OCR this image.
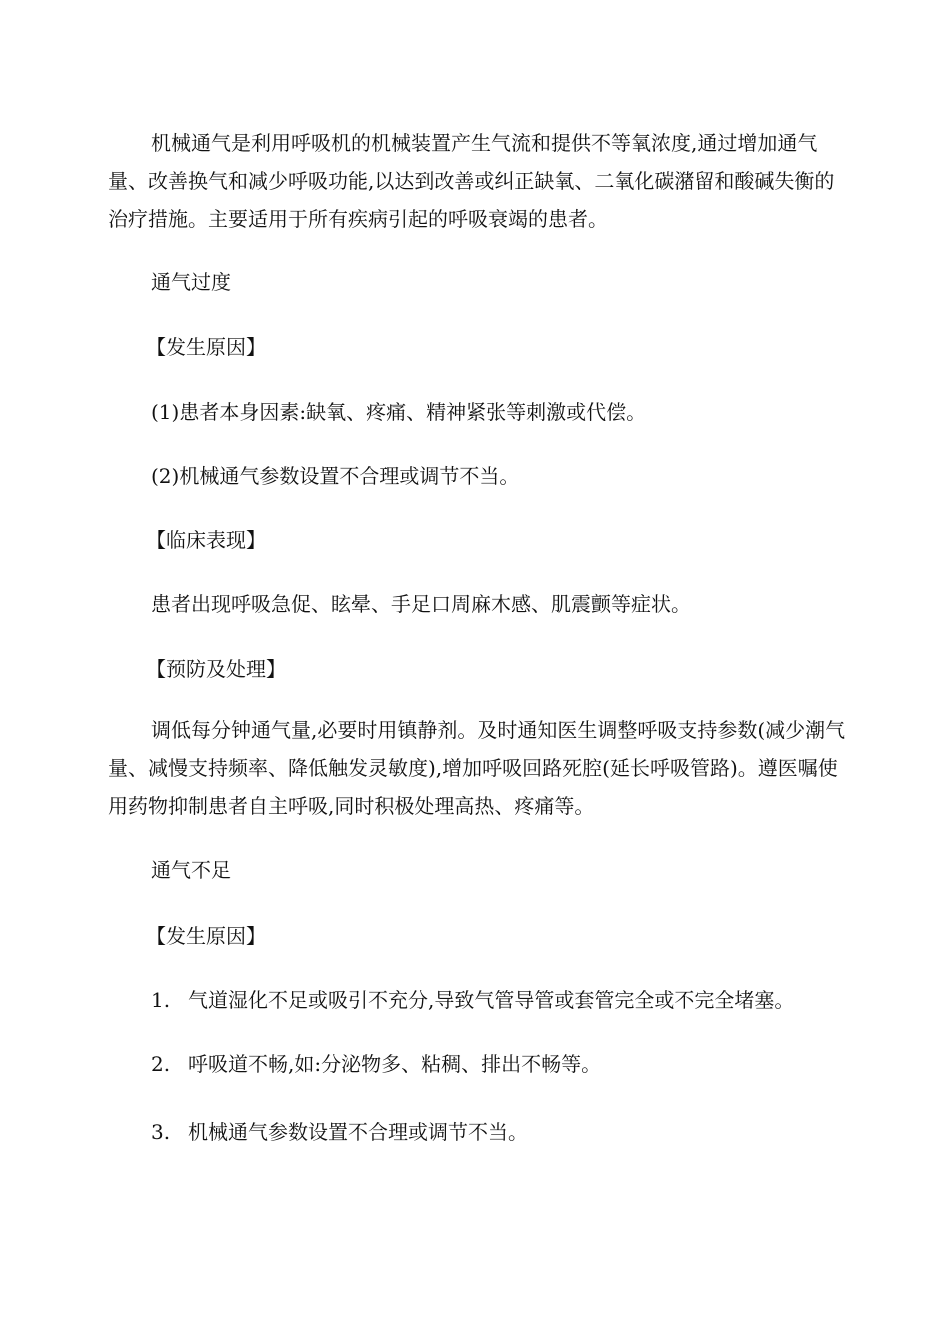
机械通气是利用呼吸机的机械装置产生气流和提供不等氧浓度,通过增加通气量、改善换气和减少呼吸功能,以达到改善或纠正缺氧、二氧化碳潴留和酸碱失衡的治疗措施。主要适用于所有疾病引起的呼吸衰竭的患者。

通气过度

【发生原因】

(1)患者本身因素:缺氧、疼痛、精神紧张等刺激或代偿。

(2)机械通气参数设置不合理或调节不当。

【临床表现】

患者出现呼吸急促、眩晕、手足口周麻木感、肌震颤等症状。

【预防及处理】

调低每分钟通气量,必要时用镇静剂。及时通知医生调整呼吸支持参数(减少潮气量、减慢支持频率、降低触发灵敏度),增加呼吸回路死腔(延长呼吸管路)。遵医嘱使用药物抑制患者自主呼吸,同时积极处理高热、疼痛等。

通气不足

【发生原因】

1. 气道湿化不足或吸引不充分,导致气管导管或套管完全或不完全堵塞。
2. 呼吸道不畅,如:分泌物多、粘稠、排出不畅等。
3. 机械通气参数设置不合理或调节不当。
